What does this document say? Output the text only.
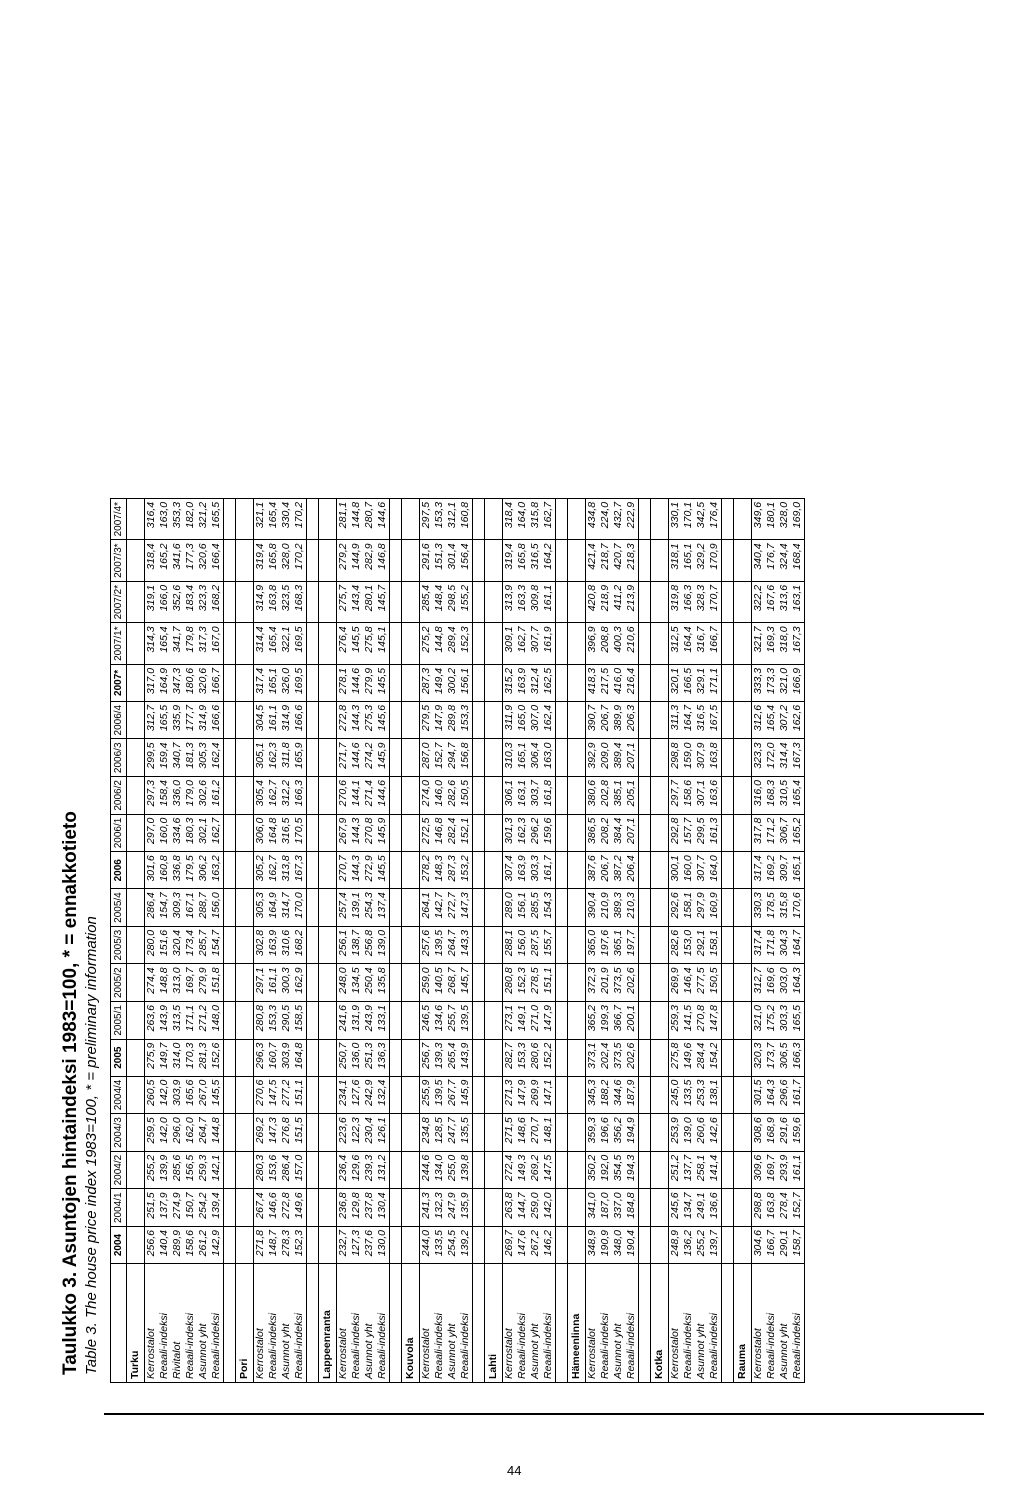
Taulukko 3. Asuntojen hintaindeksi 1983=100, * = ennakkotieto Table 3. The house price index 1983=100, * = preliminary information
44
	2004	2004/1	2004/2	2004/3	2004/4	2005	2005/1	2005/2	2005/3	2005/4	2006	2006/1	2006/2	2006/3	2006/4	2007*	2007/1*	2007/2*	2007/3*	2007/4*
Turku																				
Kerrostalot	256,6	251,5	255,2	259,5	260,5	275,9	263,6	274,4	280,0	286,4	301,6	297,0	297,3	299,5	312,7	317,0	314,3	319,1	318,4	316,4
Reaali-indeksi	140,4	137,9	139,9	142,0	142,0	149,7	143,9	148,8	151,6	154,7	160,8	160,0	158,4	159,4	165,5	164,9	165,4	166,0	165,2	163,0
Rivitalot	289,9	274,9	285,6	296,0	303,9	314,0	313,5	313,0	320,4	309,3	336,8	334,6	336,0	340,7	335,9	347,3	341,7	352,6	341,6	353,3
Reaali-indeksi	158,6	150,7	156,5	162,0	165,6	170,3	171,1	169,7	173,4	167,1	179,5	180,3	179,0	181,3	177,7	180,6	179,8	183,4	177,3	182,0
Asunnot yht	261,2	254,2	259,3	264,7	267,0	281,3	271,2	279,9	285,7	288,7	306,2	302,1	302,6	305,3	314,9	320,6	317,3	323,3	320,6	321,2
Reaali-indeksi	142,9	139,4	142,1	144,8	145,5	152,6	148,0	151,8	154,7	156,0	163,2	162,7	161,2	162,4	166,6	166,7	167,0	168,2	166,4	165,5

Pori																				
Kerrostalot	271,8	267,4	280,3	269,2	270,6	296,3	280,8	297,1	302,8	305,3	305,2	306,0	305,4	305,1	304,5	317,4	314,4	314,9	319,4	321,1
Reaali-indeksi	148,7	146,6	153,6	147,3	147,5	160,7	153,3	161,1	163,9	164,9	162,7	164,8	162,7	162,3	161,1	165,1	165,4	163,8	165,8	165,4
Asunnot yht	278,3	272,8	286,4	276,8	277,2	303,9	290,5	300,3	310,6	314,7	313,8	316,5	312,2	311,8	314,9	326,0	322,1	323,5	328,0	330,4
Reaali-indeksi	152,3	149,6	157,0	151,5	151,1	164,8	158,5	162,9	168,2	170,0	167,3	170,5	166,3	165,9	166,6	169,5	169,5	168,3	170,2	170,2

Lappeenranta																				
Kerrostalot	232,7	236,8	236,4	223,6	234,1	250,7	241,6	248,0	256,1	257,4	270,7	267,9	270,6	271,7	272,8	278,1	276,4	275,7	279,2	281,1
Reaali-indeksi	127,3	129,8	129,6	122,3	127,6	136,0	131,9	134,5	138,7	139,1	144,3	144,3	144,1	144,6	144,3	144,6	145,5	143,4	144,9	144,8
Asunnot yht	237,6	237,8	239,3	230,4	242,9	251,3	243,9	250,4	256,8	254,3	272,9	270,8	271,4	274,2	275,3	279,9	275,8	280,1	282,9	280,7
Reaali-indeksi	130,0	130,4	131,2	126,1	132,4	136,3	133,1	135,8	139,0	137,4	145,5	145,9	144,6	145,9	145,6	145,5	145,1	145,7	146,8	144,6

Kouvola																				
Kerrostalot	244,0	241,3	244,6	234,8	255,9	256,7	246,5	259,0	257,6	264,1	278,2	272,5	274,0	287,0	279,5	287,3	275,2	285,4	291,6	297,5
Reaali-indeksi	133,5	132,3	134,0	128,5	139,5	139,3	134,6	140,5	139,5	142,7	148,3	146,8	146,0	152,7	147,9	149,4	144,8	148,4	151,3	153,3
Asunnot yht	254,5	247,9	255,0	247,7	267,7	265,4	255,7	268,7	264,7	272,7	287,3	282,4	282,6	294,7	289,8	300,2	289,4	298,5	301,4	312,1
Reaali-indeksi	139,2	135,9	139,8	135,5	145,9	143,9	139,5	145,7	143,3	147,3	153,2	152,1	150,5	156,8	153,3	156,1	152,3	155,2	156,4	160,8

Lahti																				
Kerrostalot	269,7	263,8	272,4	271,5	271,3	282,7	273,1	280,8	288,1	289,0	307,4	301,3	306,1	310,3	311,9	315,2	309,1	313,9	319,4	318,4
Reaali-indeksi	147,6	144,7	149,3	148,6	147,9	153,3	149,1	152,3	156,0	156,1	163,9	162,3	163,1	165,1	165,0	163,9	162,7	163,3	165,8	164,0
Asunnot yht	267,2	259,0	269,2	270,7	269,9	280,6	271,0	278,5	287,5	285,5	303,3	296,2	303,7	306,4	307,0	312,4	307,7	309,8	316,5	315,8
Reaali-indeksi	146,2	142,0	147,5	148,1	147,1	152,2	147,9	151,1	155,7	154,3	161,7	159,6	161,8	163,0	162,4	162,5	161,9	161,1	164,2	162,7

Hämeenlinna																				
Kerrostalot	348,9	341,0	350,2	359,3	345,3	373,1	365,2	372,3	365,0	390,4	387,6	386,5	380,6	392,9	390,7	418,3	396,9	420,8	421,4	434,8
Reaali-indeksi	190,9	187,0	192,0	196,6	188,2	202,4	199,3	201,9	197,6	210,9	206,7	208,2	202,8	209,0	206,7	217,5	208,8	218,9	218,7	224,0
Asunnot yht	348,0	337,0	354,5	356,2	344,6	373,5	366,7	373,5	365,1	389,3	387,2	384,4	385,1	389,4	389,9	416,0	400,3	411,2	420,7	432,7
Reaali-indeksi	190,4	184,8	194,3	194,9	187,9	202,6	200,1	202,6	197,7	210,3	206,4	207,1	205,1	207,1	206,3	216,4	210,6	213,9	218,3	222,9

Kotka																				
Kerrostalot	248,9	245,6	251,2	253,9	245,0	275,8	259,3	269,9	282,6	292,6	300,1	292,8	297,7	298,8	311,3	320,1	312,5	319,8	318,1	330,1
Reaali-indeksi	136,2	134,7	137,7	139,0	133,5	149,6	141,5	146,4	153,0	158,1	160,0	157,7	158,6	159,0	164,7	166,5	164,4	166,3	165,1	170,1
Asunnot yht	255,2	249,1	258,1	260,6	253,3	284,4	270,8	277,5	292,1	297,9	307,7	299,5	307,1	307,9	316,5	329,1	316,7	328,3	329,2	342,5
Reaali-indeksi	139,7	136,6	141,4	142,6	138,1	154,2	147,8	150,5	158,1	160,9	164,0	161,3	163,6	163,8	167,5	171,1	166,7	170,7	170,9	176,4

Rauma																				
Kerrostalot	304,6	298,8	309,6	308,6	301,5	320,3	321,0	312,7	317,4	330,3	317,4	317,8	316,0	323,3	312,6	333,3	321,7	322,2	340,4	349,6
Reaali-indeksi	166,7	163,8	169,7	168,9	164,3	173,7	175,2	169,6	171,8	178,5	169,2	171,2	168,3	172,0	165,4	173,3	169,3	167,6	176,7	180,1
Asunnot yht	290,1	278,4	293,9	291,6	296,6	306,5	303,3	303,0	304,3	315,8	309,7	306,7	310,5	314,4	307,2	321,0	318,0	313,6	324,4	328,0
Reaali-indeksi	158,7	152,7	161,1	159,6	161,7	166,3	165,5	164,3	164,7	170,6	165,1	165,2	165,4	167,3	162,6	166,9	167,3	163,1	168,4	169,0
